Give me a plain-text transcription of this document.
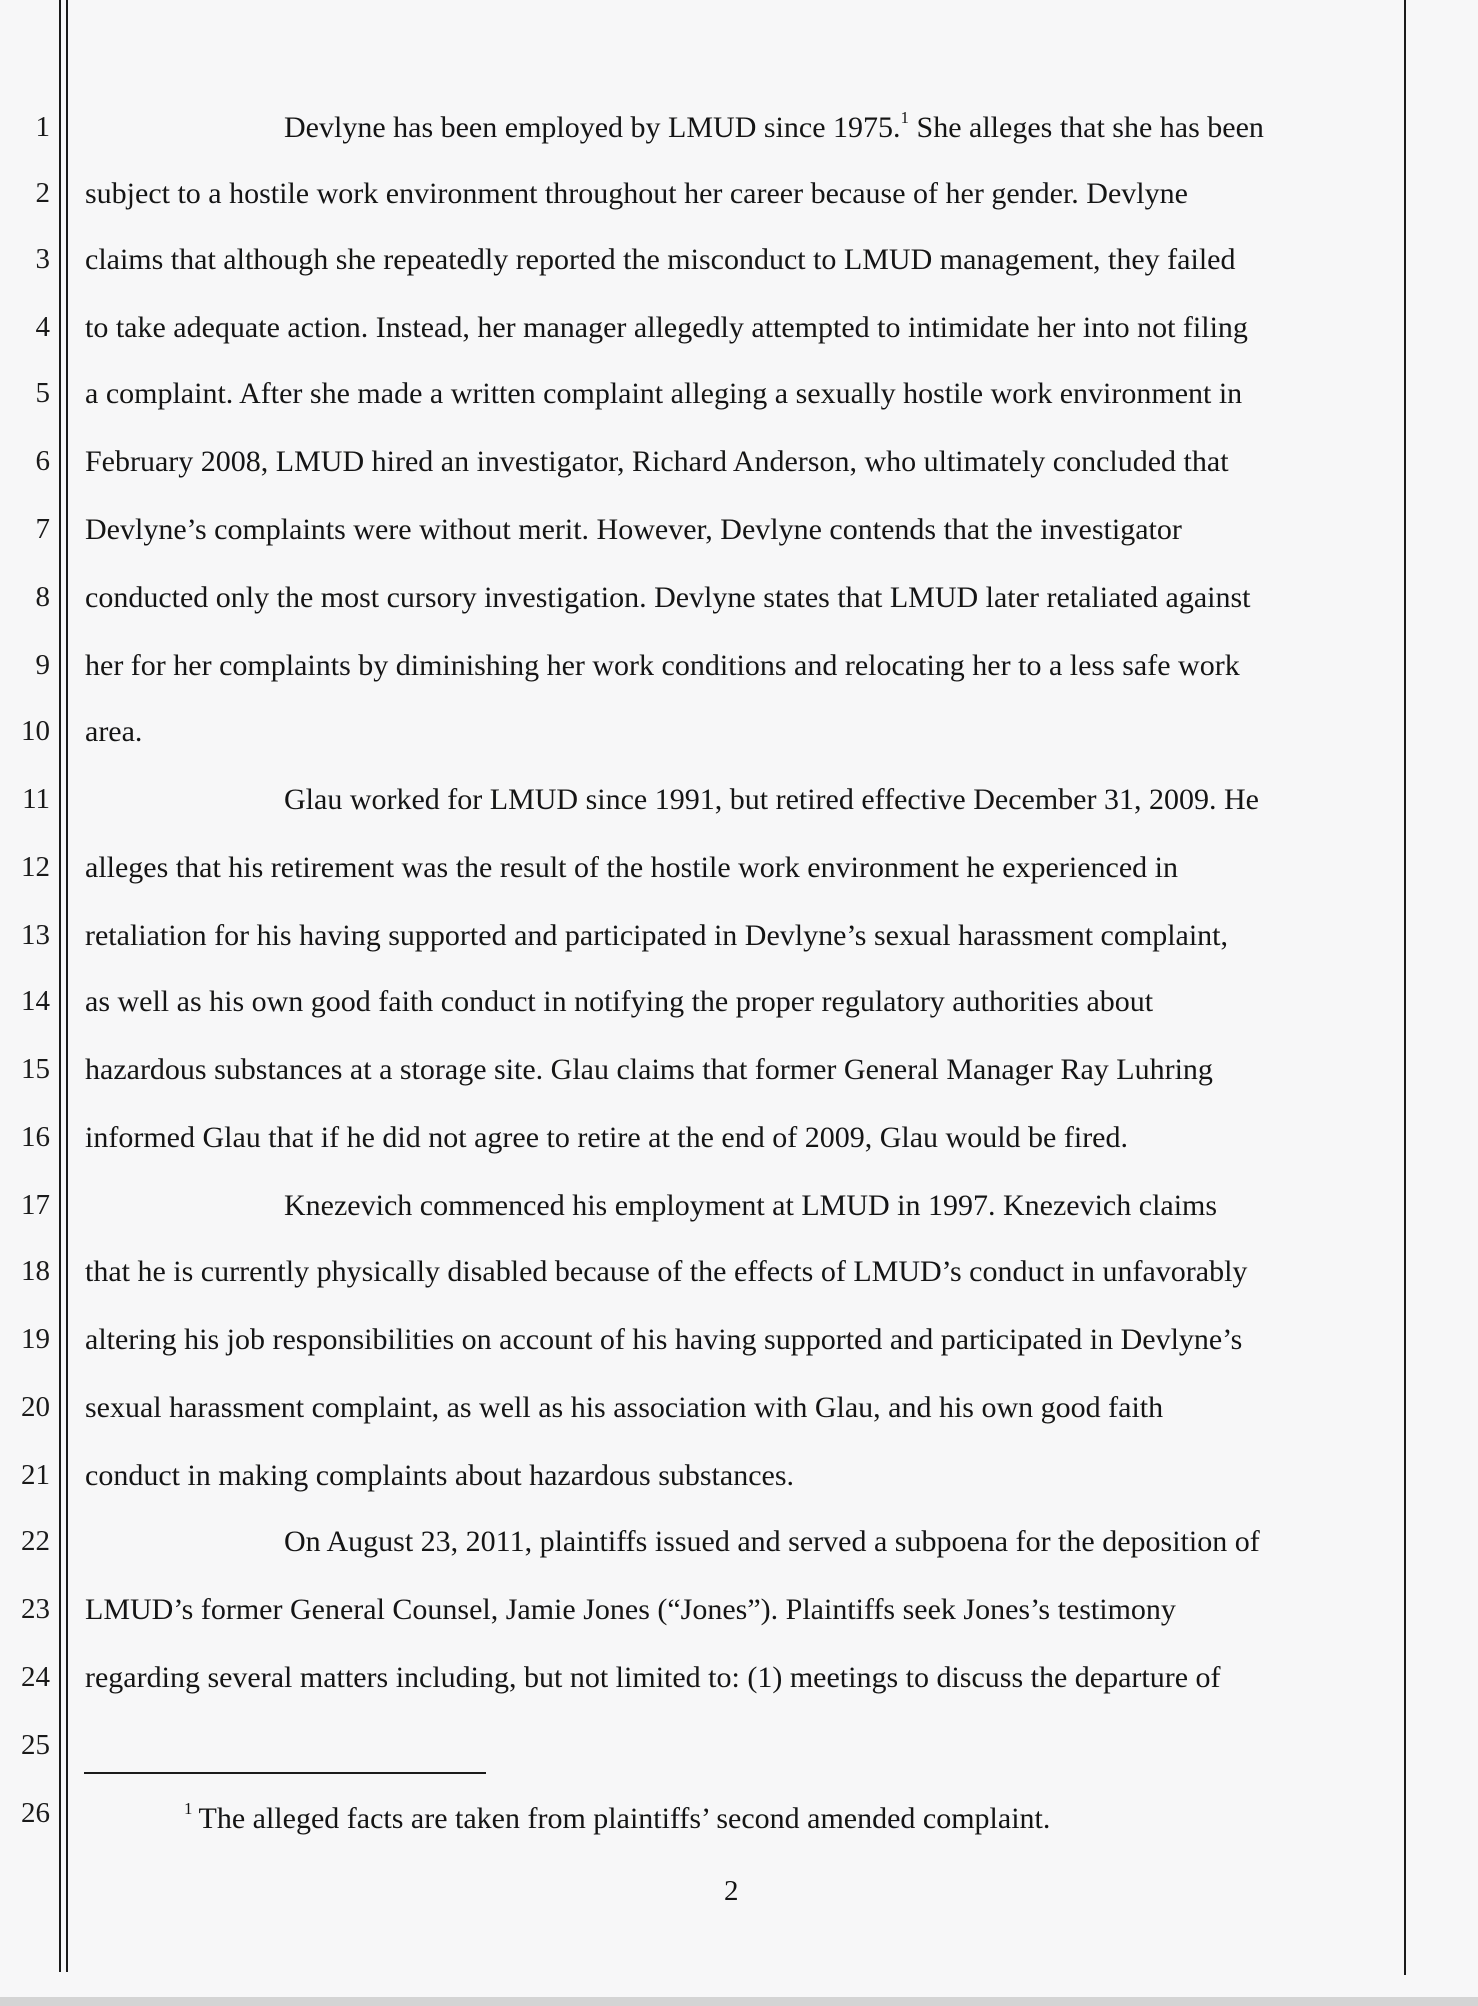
1
2
3
4
5
6
7
8
9
10
11
12
13
14
15
16
17
18
19
20
21
22
23
24
25
26
Devlyne has been employed by LMUD since 1975.$^1$ She alleges that she has been
subject to a hostile work environment throughout her career because of her gender. Devlyne
claims that although she repeatedly reported the misconduct to LMUD management, they failed
to take adequate action. Instead, her manager allegedly attempted to intimidate her into not filing
a complaint. After she made a written complaint alleging a sexually hostile work environment in
February 2008, LMUD hired an investigator, Richard Anderson, who ultimately concluded that
Devlyne’s complaints were without merit. However, Devlyne contends that the investigator
conducted only the most cursory investigation. Devlyne states that LMUD later retaliated against
her for her complaints by diminishing her work conditions and relocating her to a less safe work
area.
Glau worked for LMUD since 1991, but retired effective December 31, 2009. He
alleges that his retirement was the result of the hostile work environment he experienced in
retaliation for his having supported and participated in Devlyne’s sexual harassment complaint,
as well as his own good faith conduct in notifying the proper regulatory authorities about
hazardous substances at a storage site. Glau claims that former General Manager Ray Luhring
informed Glau that if he did not agree to retire at the end of 2009, Glau would be fired.
Knezevich commenced his employment at LMUD in 1997. Knezevich claims
that he is currently physically disabled because of the effects of LMUD’s conduct in unfavorably
altering his job responsibilities on account of his having supported and participated in Devlyne’s
sexual harassment complaint, as well as his association with Glau, and his own good faith
conduct in making complaints about hazardous substances.
On August 23, 2011, plaintiffs issued and served a subpoena for the deposition of
LMUD’s former General Counsel, Jamie Jones (“Jones”). Plaintiffs seek Jones’s testimony
regarding several matters including, but not limited to: (1) meetings to discuss the departure of
$^1$ The alleged facts are taken from plaintiffs’ second amended complaint.
2
